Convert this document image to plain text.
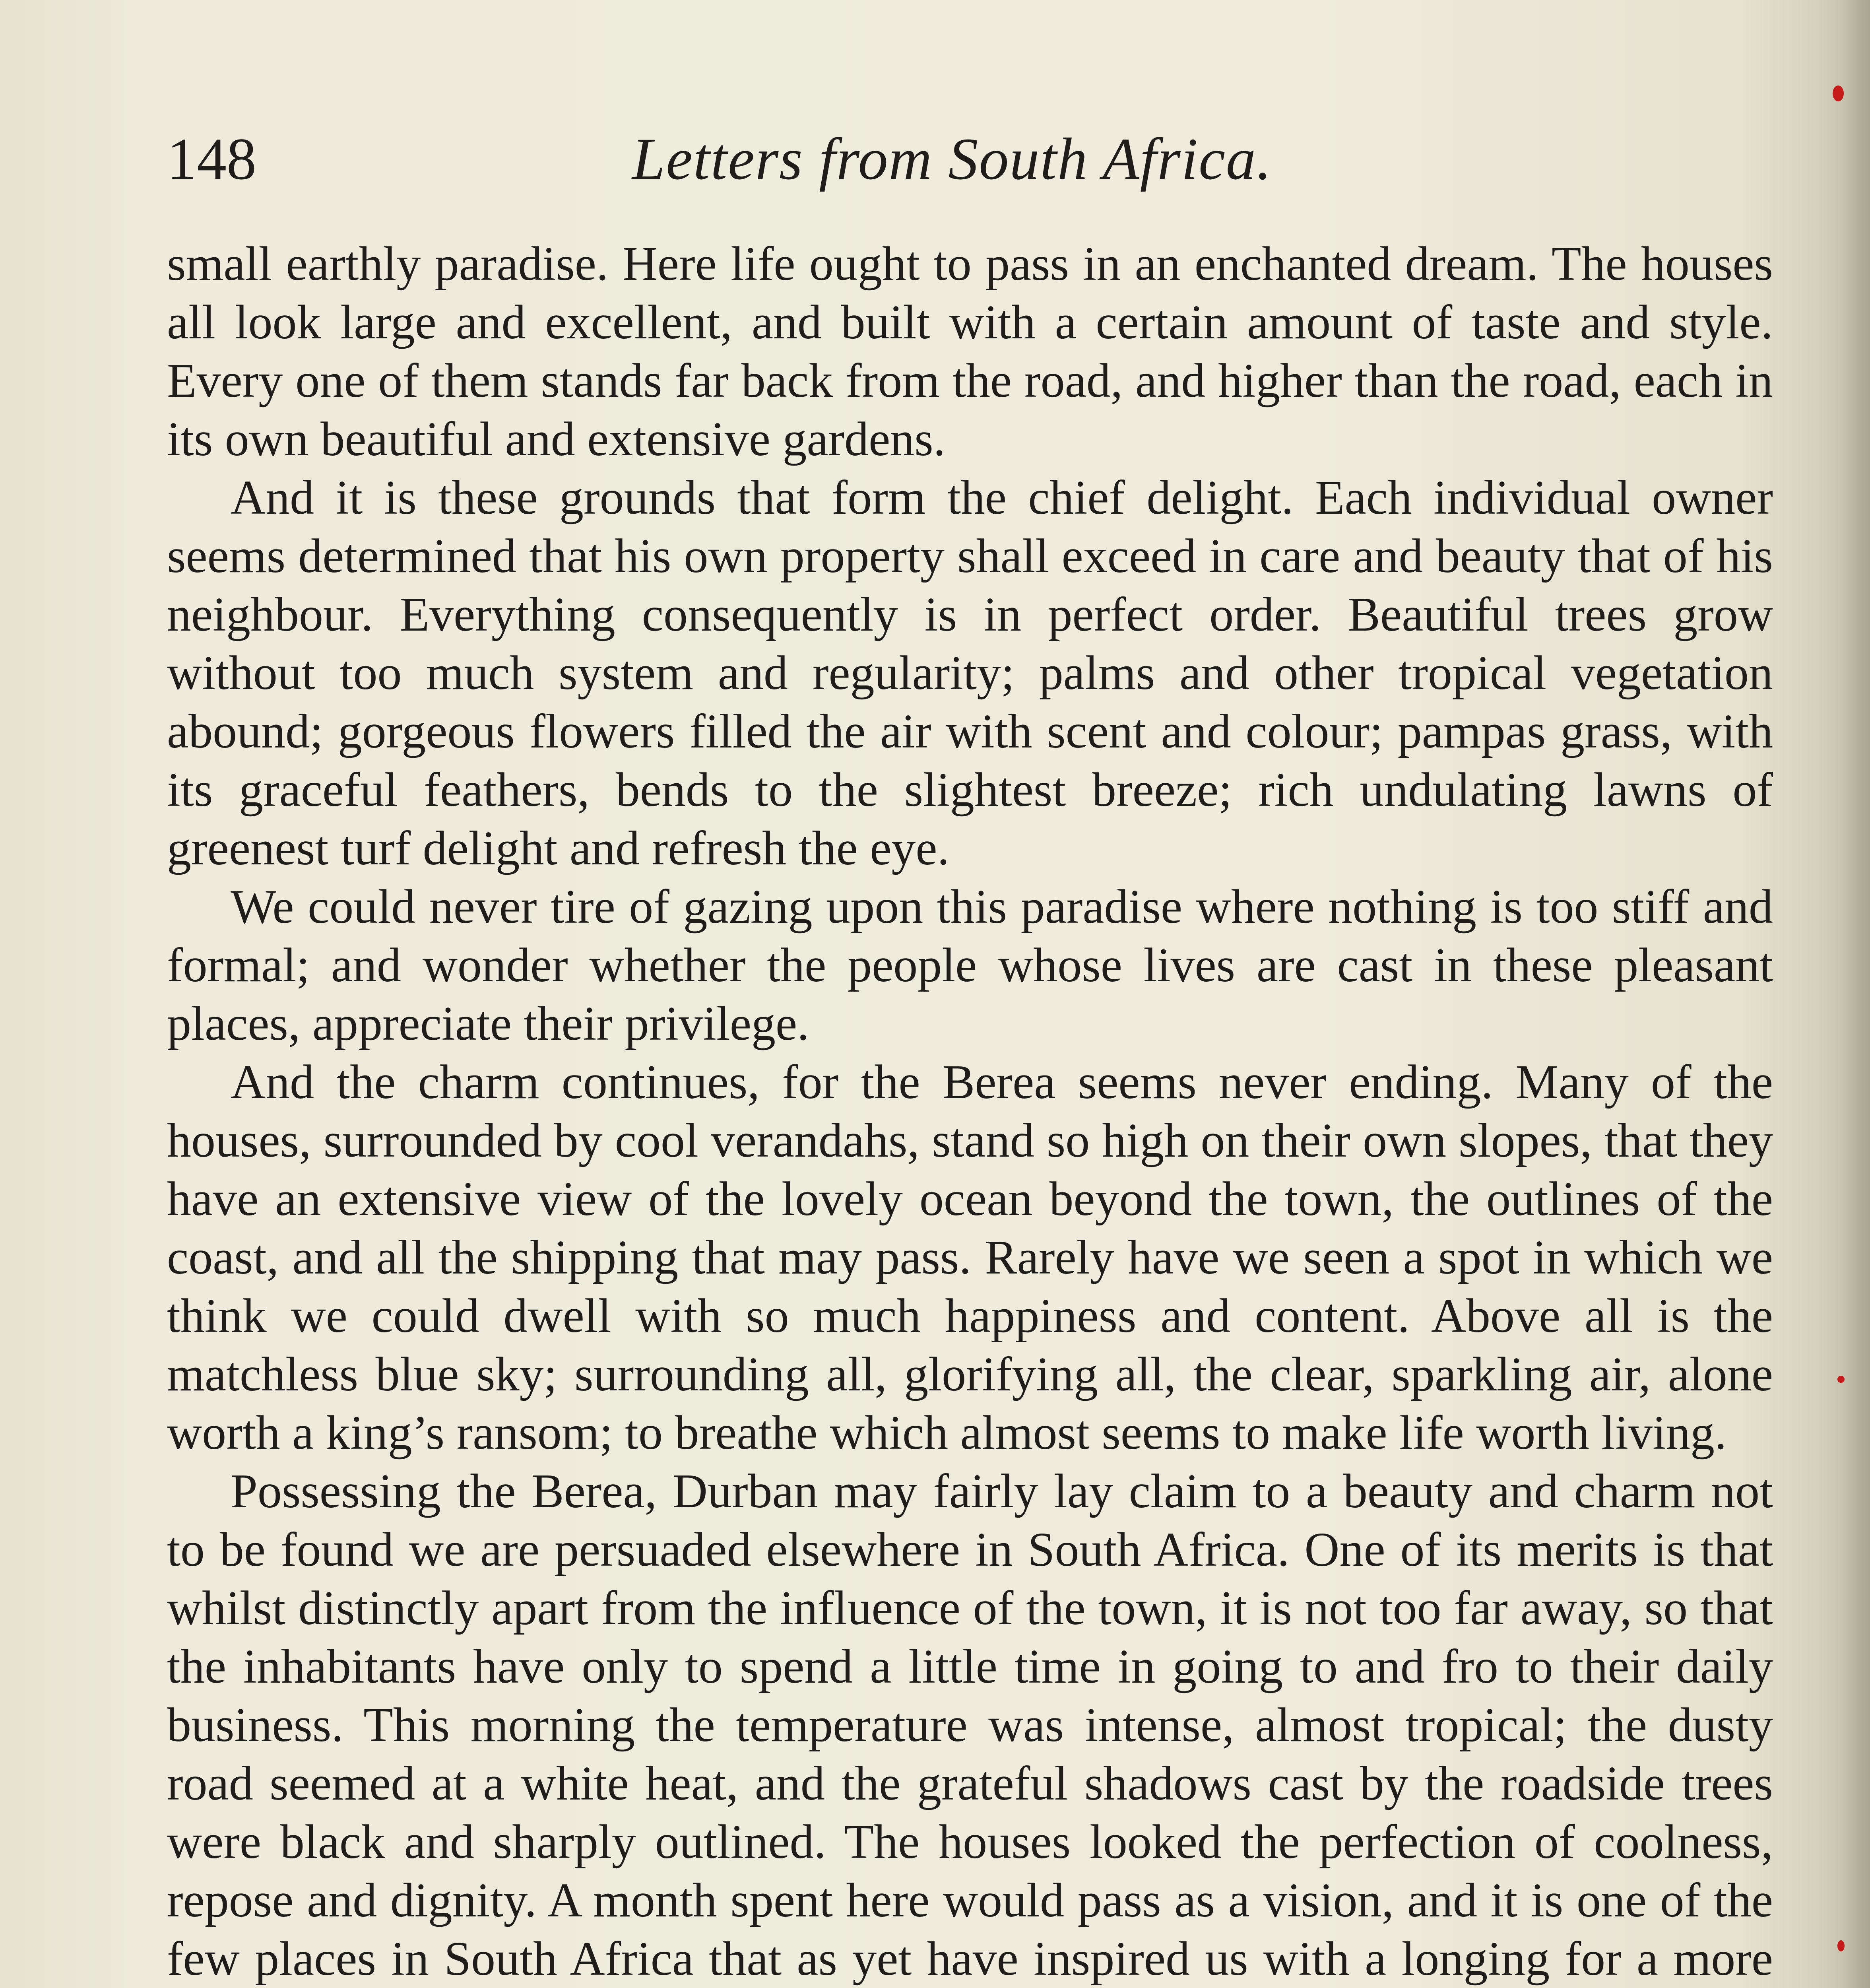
148	Letters from South Africa.

small earthly paradise. Here life ought to pass in an enchanted dream. The houses all look large and excellent, and built with a certain amount of taste and style. Every one of them stands far back from the road, and higher than the road, each in its own beautiful and extensive gardens.

And it is these grounds that form the chief delight. Each individual owner seems determined that his own property shall exceed in care and beauty that of his neighbour. Everything consequently is in perfect order. Beautiful trees grow without too much system and regularity; palms and other tropical vegetation abound; gorgeous flowers filled the air with scent and colour; pampas grass, with its graceful feathers, bends to the slightest breeze; rich undulating lawns of greenest turf delight and refresh the eye.

We could never tire of gazing upon this paradise where nothing is too stiff and formal; and wonder whether the people whose lives are cast in these pleasant places, appreciate their privilege.

And the charm continues, for the Berea seems never ending. Many of the houses, surrounded by cool verandahs, stand so high on their own slopes, that they have an extensive view of the lovely ocean beyond the town, the outlines of the coast, and all the shipping that may pass. Rarely have we seen a spot in which we think we could dwell with so much happiness and content. Above all is the matchless blue sky; surrounding all, glorifying all, the clear, sparkling air, alone worth a king’s ransom; to breathe which almost seems to make life worth living.

Possessing the Berea, Durban may fairly lay claim to a beauty and charm not to be found we are persuaded elsewhere in South Africa. One of its merits is that whilst distinctly apart from the influence of the town, it is not too far away, so that the inhabitants have only to spend a little time in going to and fro to their daily business. This morning the temperature was intense, almost tropical; the dusty road seemed at a white heat, and the grateful shadows cast by the roadside trees were black and sharply outlined. The houses looked the perfection of coolness, repose and dignity. A month spent here would pass as a vision, and it is one of the few places in South Africa that as yet have inspired us with a longing for a more
